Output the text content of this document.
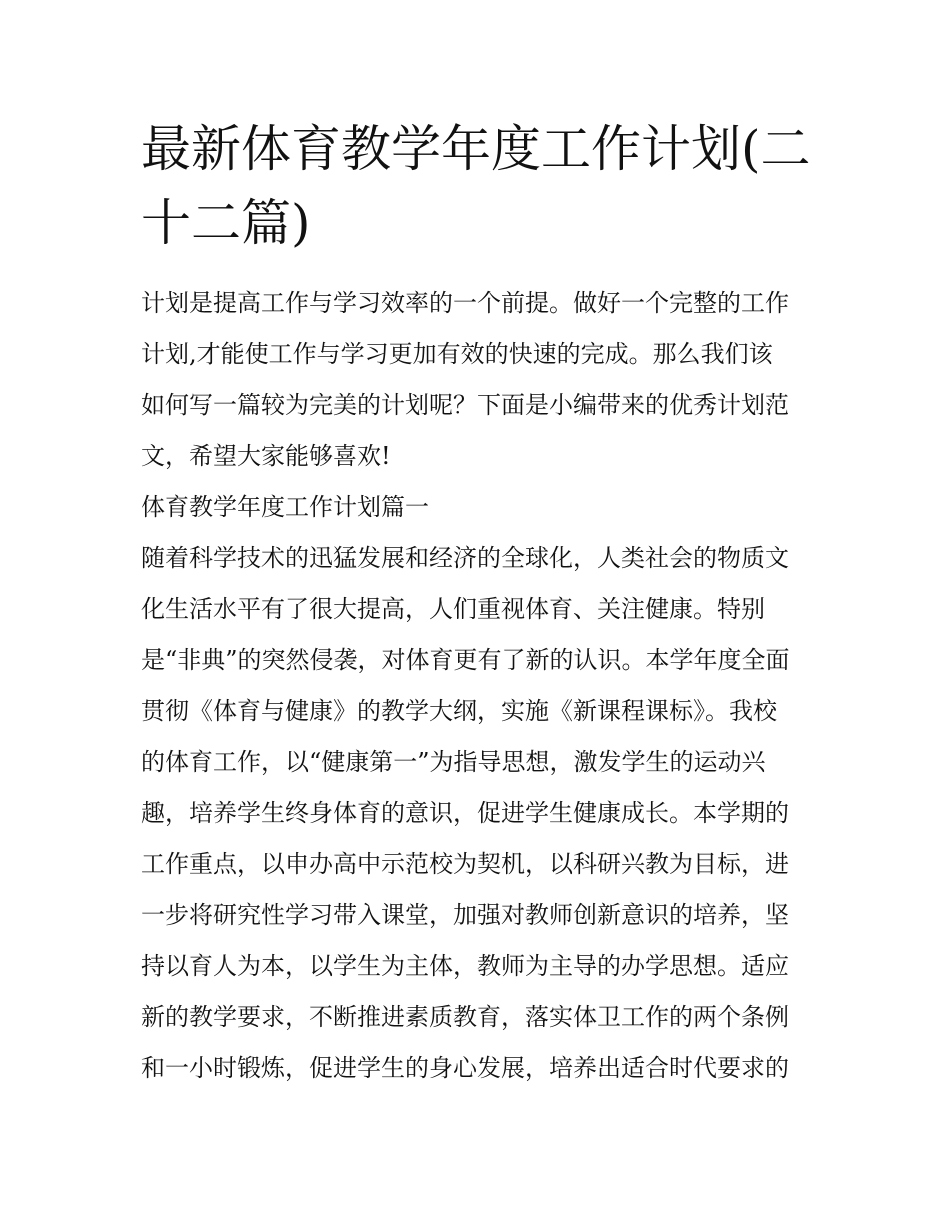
最新体育教学年度工作计划(二
十二篇)
计划是提高工作与学习效率的一个前提。做好一个完整的工作
计划,才能使工作与学习更加有效的快速的完成。那么我们该
如何写一篇较为完美的计划呢？下面是小编带来的优秀计划范
文，希望大家能够喜欢!
体育教学年度工作计划篇一
随着科学技术的迅猛发展和经济的全球化，人类社会的物质文
化生活水平有了很大提高，人们重视体育、关注健康。特别
是“非典”的突然侵袭，对体育更有了新的认识。本学年度全面
贯彻《体育与健康》的教学大纲，实施《新课程课标》。我校
的体育工作，以“健康第一”为指导思想，激发学生的运动兴
趣，培养学生终身体育的意识，促进学生健康成长。本学期的
工作重点，以申办高中示范校为契机，以科研兴教为目标，进
一步将研究性学习带入课堂，加强对教师创新意识的培养，坚
持以育人为本，以学生为主体，教师为主导的办学思想。适应
新的教学要求，不断推进素质教育，落实体卫工作的两个条例
和一小时锻炼，促进学生的身心发展，培养出适合时代要求的
